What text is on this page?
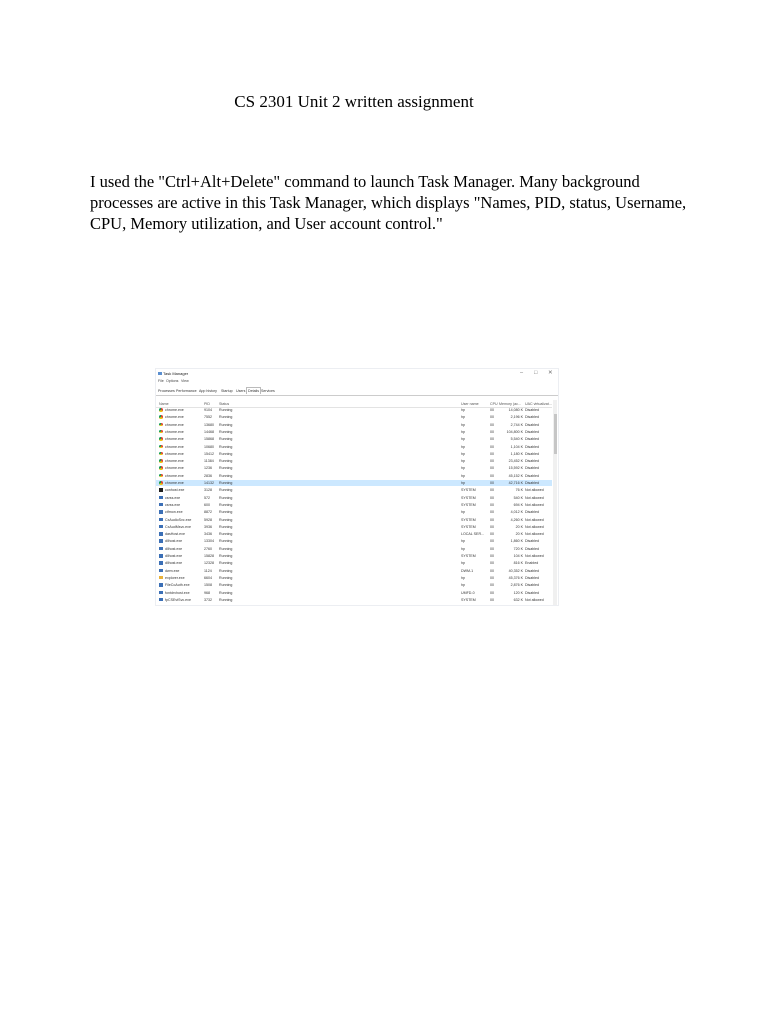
CS 2301 Unit 2 written assignment
I used the "Ctrl+Alt+Delete" command to launch Task Manager. Many background processes are active in this Task Manager, which displays "Names, PID, status, Username, CPU, Memory utilization, and User account control."
Task Manager	– □ ✕
File Options View
Processes Performance App history Startup Users Details Services
Name	PID	Status	User name	CPU Memory (ac... UAC virtualizat...
chrome.exe	9104 Running	hp	00	14,080 K Disabled
chrome.exe	7552 Running	hp	00	2,196 K Disabled
chrome.exe	13680 Running	hp	00	2,744 K Disabled
chrome.exe	14468 Running	hp	00	104,800 K Disabled
chrome.exe	15868 Running	hp	00	5,540 K Disabled
chrome.exe	10680 Running	hp	00	1,104 K Disabled
chrome.exe	15412 Running	hp	00	1,180 K Disabled
chrome.exe	11384 Running	hp	00	23,452 K Disabled
chrome.exe	1236 Running	hp	00	15,592 K Disabled
chrome.exe	2836 Running	hp	00	45,152 K Disabled
chrome.exe	14132 Running	hp	00	42,716 K Disabled
conhost.exe	3128 Running	SYSTEM	00	76 K Not allowed
csrss.exe	572	Running	SYSTEM	00	540 K Not allowed
csrss.exe	600	Running	SYSTEM	00	694 K Not allowed
ctfmon.exe	8872 Running	hp	00	4,012 K Disabled
CxAudioSvc.exe	5928 Running	SYSTEM	00	4,260 K Not allowed
CxAudMsvc.exe	3936 Running	SYSTEM	00	20 K Not allowed
dasHost.exe	3436 Running	LOCAL SER... 00	20 K Not allowed
dllhost.exe	13304 Running	hp	00	1,860 K Disabled
dllhost.exe	2760 Running	hp	00	720 K Disabled
dllhost.exe	15828 Running	SYSTEM	00	104 K Not allowed
dllhost.exe	12328 Running	hp	00	816 K Enabled
dwm.exe	1124 Running	DWM-1	00	40,352 K Disabled
explorer.exe	6604 Running	hp	00	45,376 K Disabled
FileCoAuth.exe	1508 Running	hp	00	2,876 K Disabled
fontdrvhost.exe	968	Running	UMFD-0	00	120 K Disabled
fpCSEvtSvc.exe	3732 Running	SYSTEM	00	632 K Not allowed
